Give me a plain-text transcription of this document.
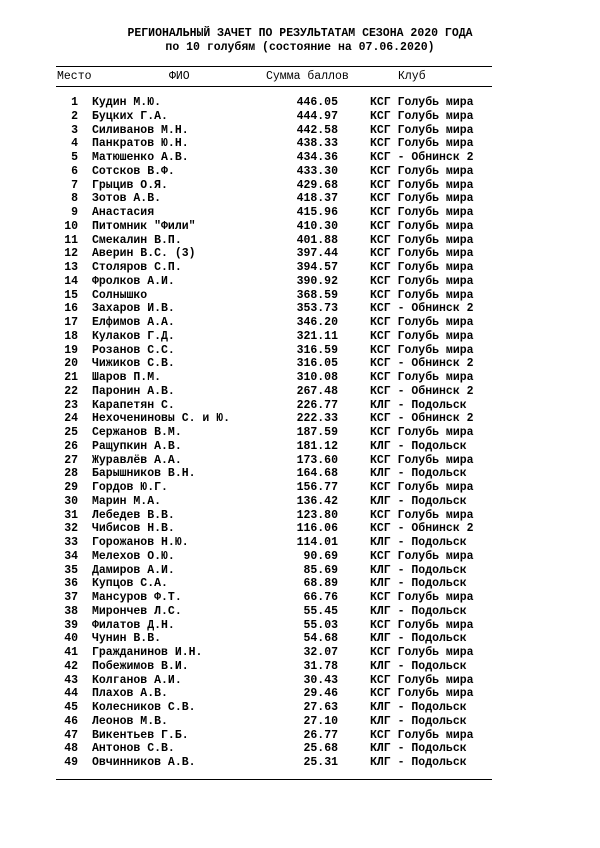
РЕГИОНАЛЬНЫЙ ЗАЧЕТ ПО РЕЗУЛЬТАТАМ СЕЗОНА 2020 ГОДА
по 10 голубям (состояние на 07.06.2020)
Место	ФИО	Сумма баллов	Клуб
1 Кудин М.Ю.	446.05	КСГ Голубь мира
2 Буцких Г.А.	444.97	КСГ Голубь мира
3 Силиванов М.Н.	442.58	КСГ Голубь мира
4 Панкратов Ю.Н.	438.33	КСГ Голубь мира
5 Матюшенко А.В.	434.36	КСГ - Обнинск 2
6 Сотсков В.Ф.	433.30	КСГ Голубь мира
7 Грыцив О.Я.	429.68	КСГ Голубь мира
8 Зотов А.В.	418.37	КСГ Голубь мира
9 Анастасия	415.96	КСГ Голубь мира
10 Питомник "Фили"	410.30	КСГ Голубь мира
11 Смекалин В.П.	401.88	КСГ Голубь мира
12 Аверин В.С. (3)	397.44	КСГ Голубь мира
13 Столяров С.П.	394.57	КСГ Голубь мира
14 Фролков А.И.	390.92	КСГ Голубь мира
15 Солнышко	368.59	КСГ Голубь мира
16 Захаров И.В.	353.73	КСГ - Обнинск 2
17 Елфимов А.А.	346.20	КСГ Голубь мира
18 Кулаков Г.Д.	321.11	КСГ Голубь мира
19 Розанов С.С.	316.59	КСГ Голубь мира
20 Чижиков С.В.	316.05	КСГ - Обнинск 2
21 Шаров П.М.	310.08	КСГ Голубь мира
22 Паронин А.В.	267.48	КСГ - Обнинск 2
23 Карапетян С.	226.77	КЛГ - Подольск
24 Нехочениновы С. и Ю.	222.33	КСГ - Обнинск 2
25 Сержанов В.М.	187.59	КСГ Голубь мира
26 Ращупкин А.В.	181.12	КЛГ - Подольск
27 Журавлёв А.А.	173.60	КСГ Голубь мира
28 Барышников В.Н.	164.68	КЛГ - Подольск
29 Гордов Ю.Г.	156.77	КСГ Голубь мира
30 Марин М.А.	136.42	КЛГ - Подольск
31 Лебедев В.В.	123.80	КСГ Голубь мира
32 Чибисов Н.В.	116.06	КСГ - Обнинск 2
33 Горожанов Н.Ю.	114.01	КЛГ - Подольск
34 Мелехов О.Ю.	90.69	КСГ Голубь мира
35 Дамиров А.И.	85.69	КЛГ - Подольск
36 Купцов С.А.	68.89	КЛГ - Подольск
37 Мансуров Ф.Т.	66.76	КСГ Голубь мира
38 Мирончев Л.С.	55.45	КЛГ - Подольск
39 Филатов Д.Н.	55.03	КСГ Голубь мира
40 Чунин В.В.	54.68	КЛГ - Подольск
41 Гражданинов И.Н.	32.07	КСГ Голубь мира
42 Побежимов В.И.	31.78	КЛГ - Подольск
43 Колганов А.И.	30.43	КСГ Голубь мира
44 Плахов А.В.	29.46	КСГ Голубь мира
45 Колесников С.В.	27.63	КЛГ - Подольск
46 Леонов М.В.	27.10	КЛГ - Подольск
47 Викентьев Г.Б.	26.77	КСГ Голубь мира
48 Антонов С.В.	25.68	КЛГ - Подольск
49 Овчинников А.В.	25.31	КЛГ - Подольск
